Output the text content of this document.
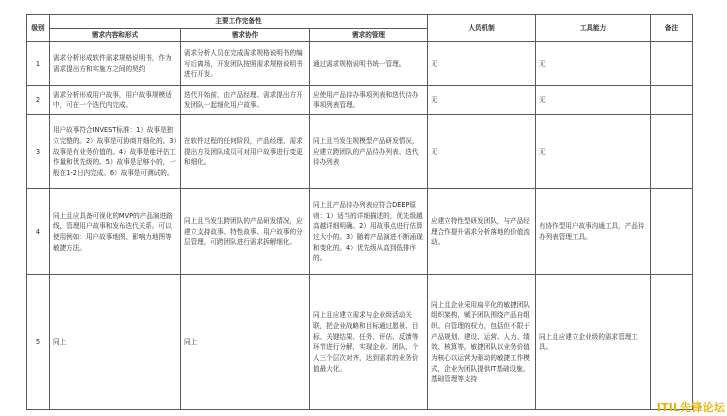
级别	主要工作完备性			人员机制	工具能力	备注
	需求内容和形式	需求协作	需求的管理			
1	需求分析形成软件需求规格说明书，作为需求提出方和实施方之间的契约	需求分析人员在完成需求规格说明书的编写后离场，开发团队按照需求规格说明书进行开发。	通过需求规格说明书统一管理。	无	无	
2	需求分析形成用户故事，用户故事规模适中，可在一个迭代内完成。	迭代开始前，由产品经理、需求提出方开发团队一起细化用户故事。	应使用产品待办事项列表和迭代待办事项列表管理。	无	无	
3	用户故事符合INVEST标准：1）故事是独立完整的。2）故事是可协商并细化的。3）故事是有业务价值的。4）故事是能评估工作量和优先级的。5）故事是足够小的，一般在1-2日内完成。6）故事是可测试的。	在软件过程的任何阶段，产品经理、需求提出方及团队成员可对用户故事进行变更和细化。	同上且当发生规模型产品研发情况，应建立跨团队的产品待办列表、迭代待办列表	无	无	
4	同上且应具备可视化的MVP的产品演进路线，管理用户故事和发布迭代关系。可以使用例如：用户故事地图、影响力地图等敏捷方法。	同上且当发生跨团队的产品研发情况，应建立支持故事、特性故事、用户故事的分层管理，可跨团队进行需求拆解细化。	同上且产品待办列表应符合DEEP原则：1）适当的详细描述的，优先级越高越详细明确。2）用故事点进行估算过大小的。3）随着产品演进不断涌现和变化的。4）优先级从高到低排序的。	应建立特性型研发团队，与产品经理合作提升需求分析落地的价值流动。	有协作型用户故事沟通工具，产品待办列表管理工具。	
5	同上	同上	同上且应建立需求与企业级活动关联，把企业战略和目标通过愿景、目标、关键结果、任务、评估、反馈等环节进行分解，实现企业、团队、个人三个层次对齐，达到需求的业务价值最大化。	同上且企业采用扁平化的敏捷团队组织架构，赋予团队围绕产品自组织、自管理的权力，包括但不限于产品规划、建设、运营、人力、绩效、核算等。敏捷团队以业务价值为核心以运营为驱动的敏捷工作模式，企业为团队提供IT基础设施、基础管理等支持	同上且应建立企业级的需求管理工具。	
ITIL先锋论坛
